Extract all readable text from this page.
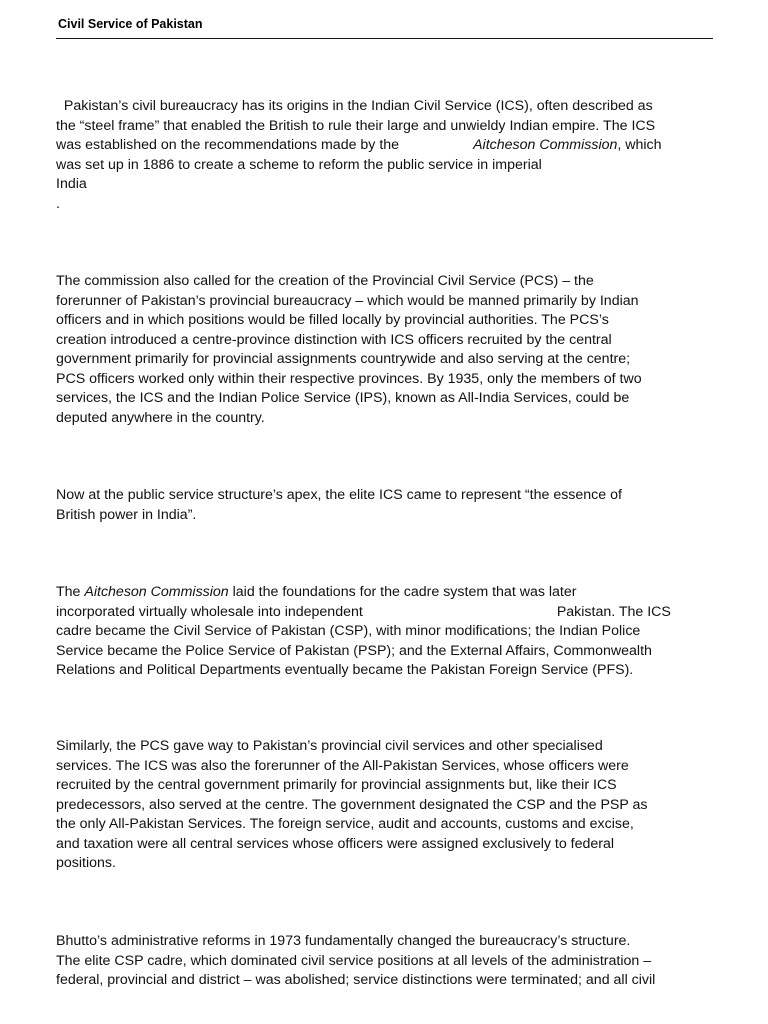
Civil Service of Pakistan
Pakistan’s civil bureaucracy has its origins in the Indian Civil Service (ICS), often described as
the “steel frame” that enabled the British to rule their large and unwieldy Indian empire. The ICS
was established on the recommendations made by the	Aitcheson Commission, which
was set up in 1886 to create a scheme to reform the public service in imperial
India
.
The commission also called for the creation of the Provincial Civil Service (PCS) – the
forerunner of Pakistan’s provincial bureaucracy – which would be manned primarily by Indian
officers and in which positions would be filled locally by provincial authorities. The PCS’s
creation introduced a centre-province distinction with ICS officers recruited by the central
government primarily for provincial assignments countrywide and also serving at the centre;
PCS officers worked only within their respective provinces. By 1935, only the members of two
services, the ICS and the Indian Police Service (IPS), known as All-India Services, could be
deputed anywhere in the country.
Now at the public service structure’s apex, the elite ICS came to represent “the essence of
British power in India”.
The Aitcheson Commission laid the foundations for the cadre system that was later
incorporated virtually wholesale into independent	Pakistan. The ICS
cadre became the Civil Service of Pakistan (CSP), with minor modifications; the Indian Police
Service became the Police Service of Pakistan (PSP); and the External Affairs, Commonwealth
Relations and Political Departments eventually became the Pakistan Foreign Service (PFS).
Similarly, the PCS gave way to Pakistan’s provincial civil services and other specialised
services. The ICS was also the forerunner of the All-Pakistan Services, whose officers were
recruited by the central government primarily for provincial assignments but, like their ICS
predecessors, also served at the centre. The government designated the CSP and the PSP as
the only All-Pakistan Services. The foreign service, audit and accounts, customs and excise,
and taxation were all central services whose officers were assigned exclusively to federal
positions.
Bhutto’s administrative reforms in 1973 fundamentally changed the bureaucracy’s structure.
The elite CSP cadre, which dominated civil service positions at all levels of the administration –
federal, provincial and district – was abolished; service distinctions were terminated; and all civil
